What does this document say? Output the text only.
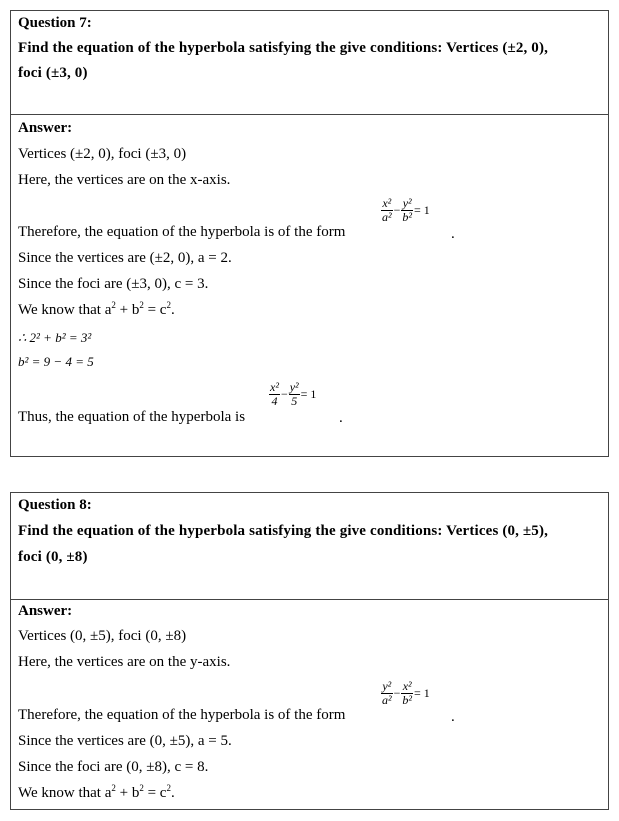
Question 7:
Find the equation of the hyperbola satisfying the give conditions: Vertices (±2, 0),
foci (±3, 0)
Answer:
Vertices (±2, 0), foci (±3, 0)
Here, the vertices are on the x-axis.
Therefore, the equation of the hyperbola is of the form
$\frac{\text{x²}}{\text{a²}} - \frac{\text{y²}}{\text{b²}} = 1$
.
Since the vertices are (±2, 0), a = 2.
Since the foci are (±3, 0), c = 3.
We know that $a^2 + b^2 = c^2$.
∴ 2² + b² = 3²
b² = 9 − 4 = 5
Thus, the equation of the hyperbola is
$\frac{\text{x²}}{4} - \frac{\text{y²}}{5} = 1$
.
Question 8:
Find the equation of the hyperbola satisfying the give conditions: Vertices (0, ±5),
foci (0, ±8)
Answer:
Vertices (0, ±5), foci (0, ±8)
Here, the vertices are on the y-axis.
Therefore, the equation of the hyperbola is of the form
$\frac{\text{y²}}{\text{a²}} - \frac{\text{x²}}{\text{b²}} = 1$
.
Since the vertices are (0, ±5), a = 5.
Since the foci are (0, ±8), c = 8.
We know that $a^2 + b^2 = c^2$.
